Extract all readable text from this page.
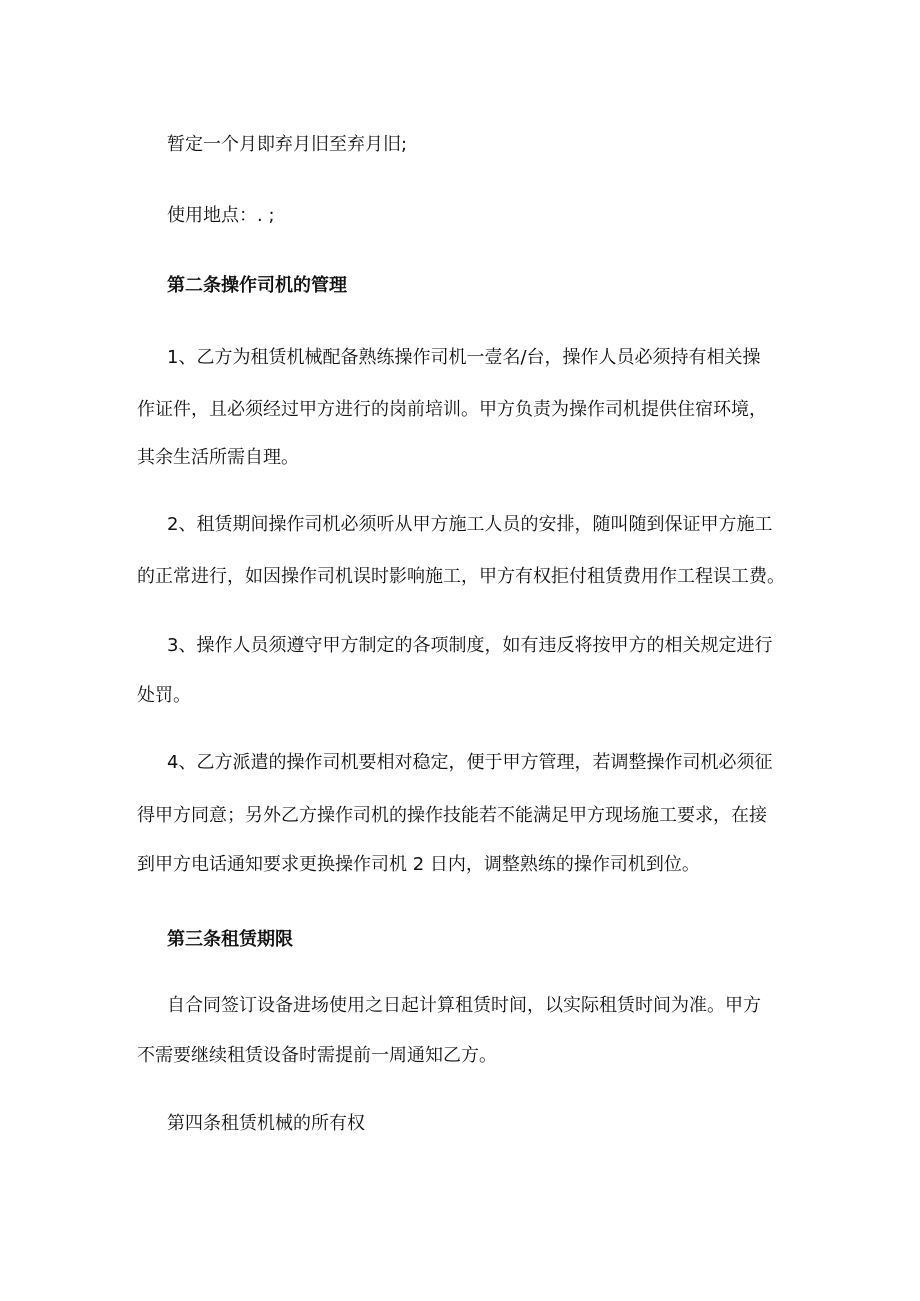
暂定一个月即弃月旧至弃月旧;
使用地点：. ;
第二条操作司机的管理
1、乙方为租赁机械配备熟练操作司机一壹名/台，操作人员必须持有相关操
作证件，且必须经过甲方进行的岗前培训。甲方负责为操作司机提供住宿环境，
其余生活所需自理。
2、租赁期间操作司机必须听从甲方施工人员的安排，随叫随到保证甲方施工
的正常进行，如因操作司机误时影响施工，甲方有权拒付租赁费用作工程误工费。
3、操作人员须遵守甲方制定的各项制度，如有违反将按甲方的相关规定进行
处罚。
4、乙方派遣的操作司机要相对稳定，便于甲方管理，若调整操作司机必须征
得甲方同意；另外乙方操作司机的操作技能若不能满足甲方现场施工要求，在接
到甲方电话通知要求更换操作司机 2 日内，调整熟练的操作司机到位。
第三条租赁期限
自合同签订设备进场使用之日起计算租赁时间，以实际租赁时间为准。甲方
不需要继续租赁设备时需提前一周通知乙方。
第四条租赁机械的所有权
